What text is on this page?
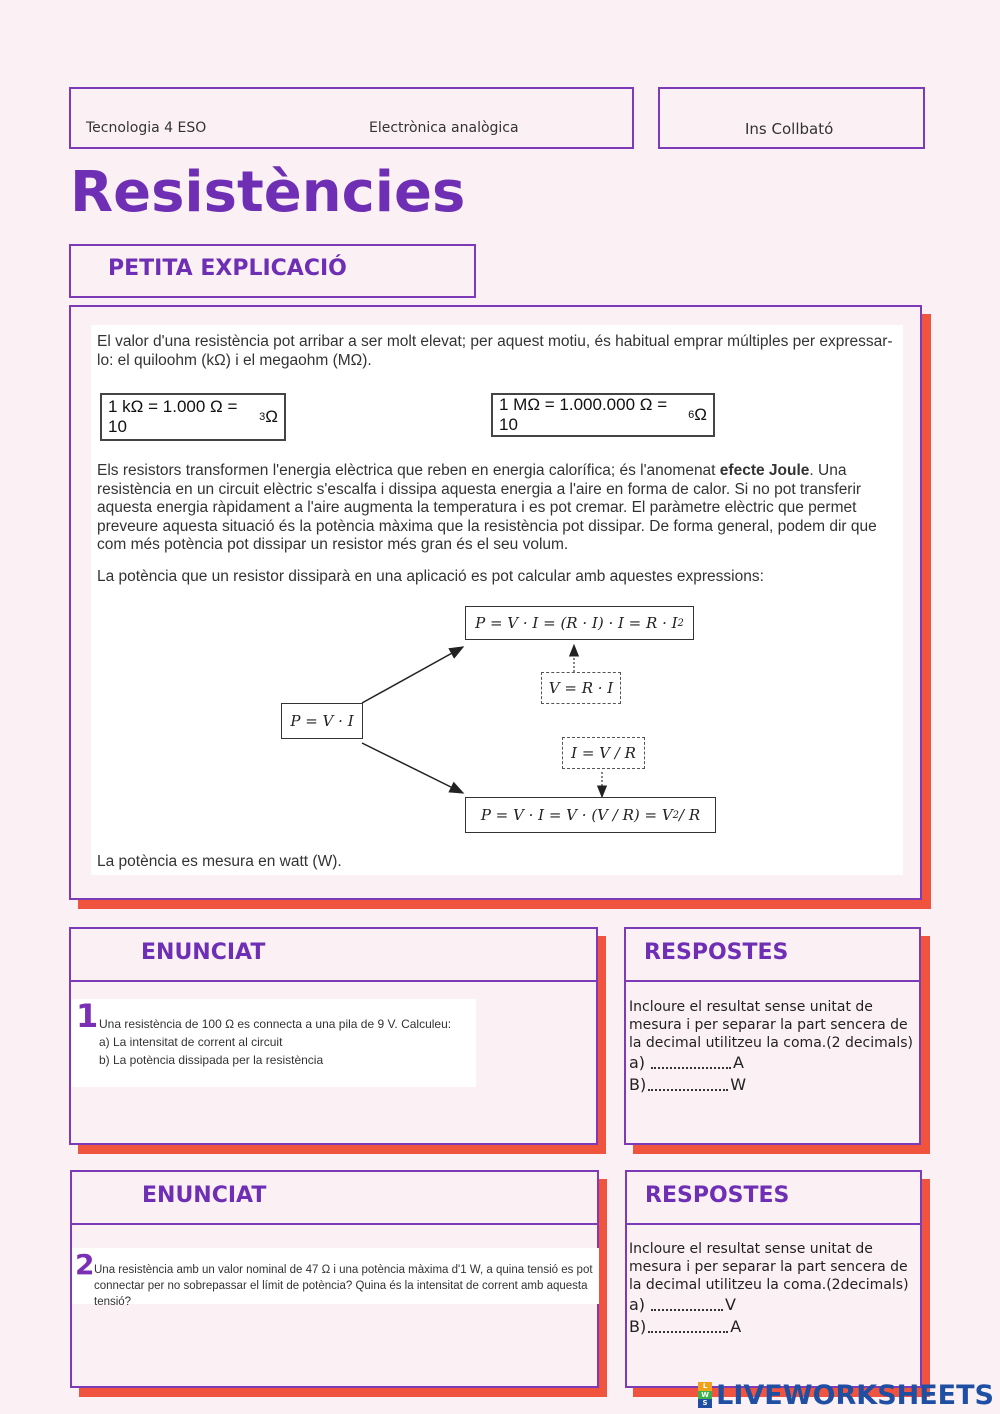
Tecnologia 4 ESO	Electrònica analògica	Ins Collbató
Resistències
PETITA EXPLICACIÓ
El valor d'una resistència pot arribar a ser molt elevat; per aquest motiu, és habitual emprar múltiples per expressar-lo: el quiloohm (kΩ) i el megaohm (MΩ).
1 kΩ = 1.000 Ω = 10	3 Ω
1 MΩ = 1.000.000 Ω = 10	6 Ω
Els resistors transformen l'energia elèctrica que reben en energia calorífica; és l'anomenat efecte Joule. Una resistència en un circuit elèctric s'escalfa i dissipa aquesta energia a l'aire en forma de calor. Si no pot transferir aquesta energia ràpidament a l'aire augmenta la temperatura i es pot cremar. El paràmetre elèctric que permet preveure aquesta situació és la potència màxima que la resistència pot dissipar. De forma general, podem dir que com més potència pot dissipar un resistor més gran és el seu volum.
La potència que un resistor dissiparà en una aplicació es pot calcular amb aquestes expressions:
P = V · I
P = V · I = (R · I) · I = R · I 2
V = R · I
I = V / R
P = V · I = V · (V / R) = V 2 / R
La potència es mesura en watt (W).
ENUNCIAT
1 Una resistència de 100 Ω es connecta a una pila de 9 V. Calculeu:
a) La intensitat de corrent al circuit
b) La potència dissipada per la resistència
RESPOSTES
Incloure el resultat sense unitat de mesura i per separar la part sencera de la decimal utilitzeu la coma.(2 decimals)
a)	A
B)	W
ENUNCIAT
2 Una resistència amb un valor nominal de 47 Ω i una potència màxima d'1 W, a quina tensió es pot connectar per no sobrepassar el límit de potència? Quina és la intensitat de corrent amb aquesta tensió?
RESPOSTES
Incloure el resultat sense unitat de mesura i per separar la part sencera de la decimal utilitzeu la coma.(2decimals)
a)	V
B)	A
L
W
S LIVEWORKSHEETS
